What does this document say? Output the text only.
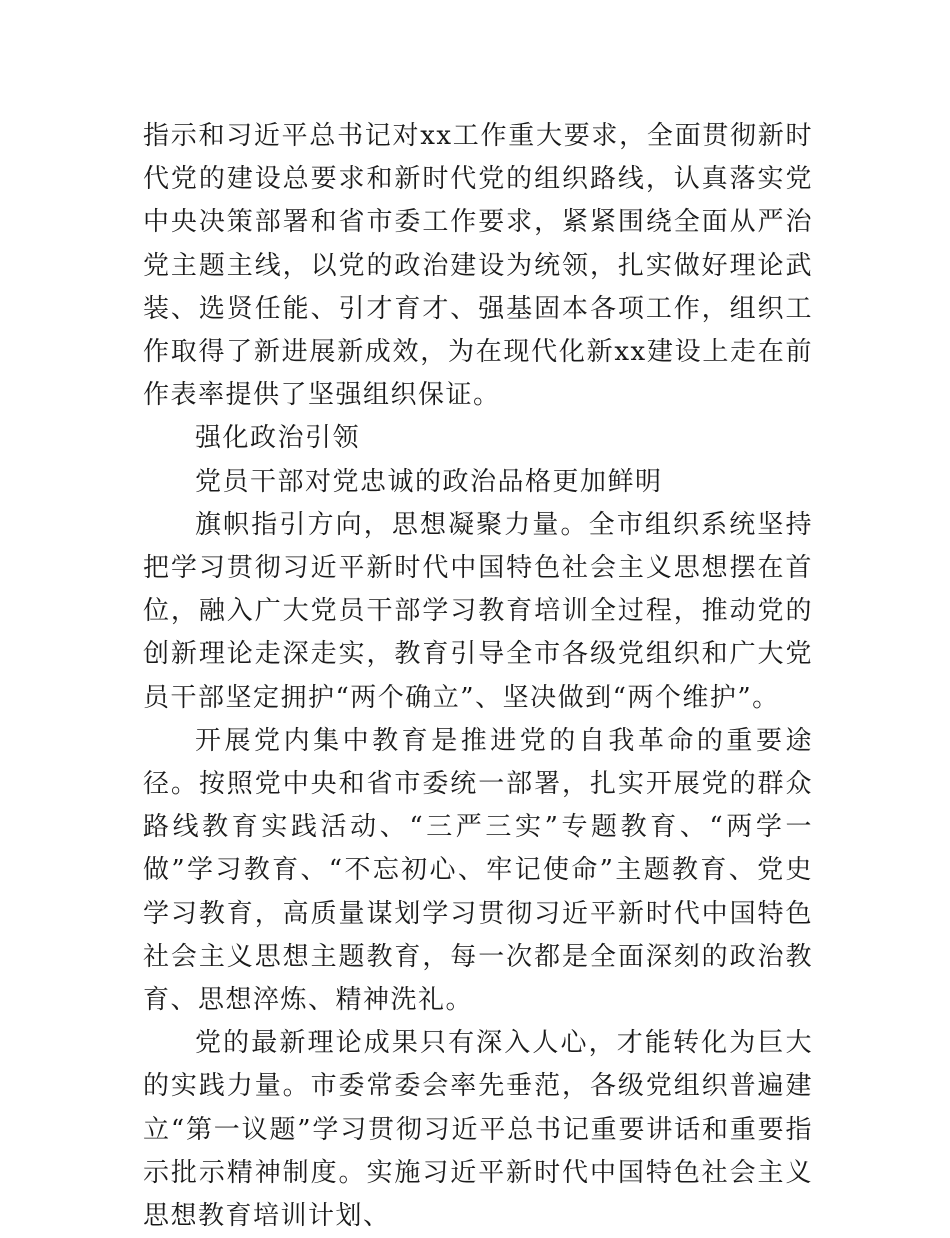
指示和习近平总书记对xx工作重大要求，全面贯彻新时代党的建设总要求和新时代党的组织路线，认真落实党中央决策部署和省市委工作要求，紧紧围绕全面从严治党主题主线，以党的政治建设为统领，扎实做好理论武装、选贤任能、引才育才、强基固本各项工作，组织工作取得了新进展新成效，为在现代化新xx建设上走在前作表率提供了坚强组织保证。

强化政治引领

党员干部对党忠诚的政治品格更加鲜明

旗帜指引方向，思想凝聚力量。全市组织系统坚持把学习贯彻习近平新时代中国特色社会主义思想摆在首位，融入广大党员干部学习教育培训全过程，推动党的创新理论走深走实，教育引导全市各级党组织和广大党员干部坚定拥护“两个确立”、坚决做到“两个维护”。

开展党内集中教育是推进党的自我革命的重要途径。按照党中央和省市委统一部署，扎实开展党的群众路线教育实践活动、“三严三实”专题教育、“两学一做”学习教育、“不忘初心、牢记使命”主题教育、党史学习教育，高质量谋划学习贯彻习近平新时代中国特色社会主义思想主题教育，每一次都是全面深刻的政治教育、思想淬炼、精神洗礼。

党的最新理论成果只有深入人心，才能转化为巨大的实践力量。市委常委会率先垂范，各级党组织普遍建立“第一议题”学习贯彻习近平总书记重要讲话和重要指示批示精神制度。实施习近平新时代中国特色社会主义思想教育培训计划、
